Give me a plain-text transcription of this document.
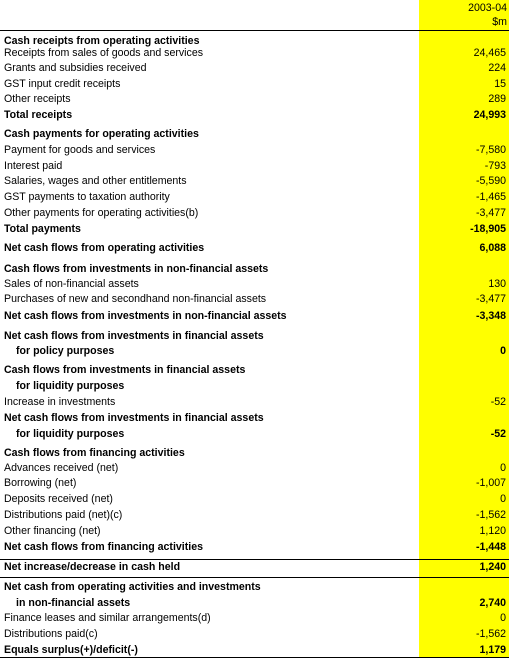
2003-04
$m
Cash receipts from operating activities
Receipts from sales of goods and services	24,465
Grants and subsidies received	224
GST input credit receipts	15
Other receipts	289
Total receipts	24,993
Cash payments for operating activities
Payment for goods and services	-7,580
Interest paid	-793
Salaries, wages and other entitlements	-5,590
GST payments to taxation authority	-1,465
Other payments for operating activities(b)	-3,477
Total payments	-18,905
Net cash flows from operating activities	6,088
Cash flows from investments in non-financial assets
Sales of non-financial assets	130
Purchases of new and secondhand non-financial assets	-3,477
Net cash flows from investments in non-financial assets	-3,348
Net cash flows from investments in financial assets
for policy purposes	0
Cash flows from investments in financial assets
for liquidity purposes
Increase in investments	-52
Net cash flows from investments in financial assets
for liquidity purposes	-52
Cash flows from financing activities
Advances received (net)	0
Borrowing (net)	-1,007
Deposits received (net)	0
Distributions paid (net)(c)	-1,562
Other financing (net)	1,120
Net cash flows from financing activities	-1,448
Net increase/decrease in cash held	1,240
Net cash from operating activities and investments
in non-financial assets	2,740
Finance leases and similar arrangements(d)	0
Distributions paid(c)	-1,562
Equals surplus(+)/deficit(-)	1,179
